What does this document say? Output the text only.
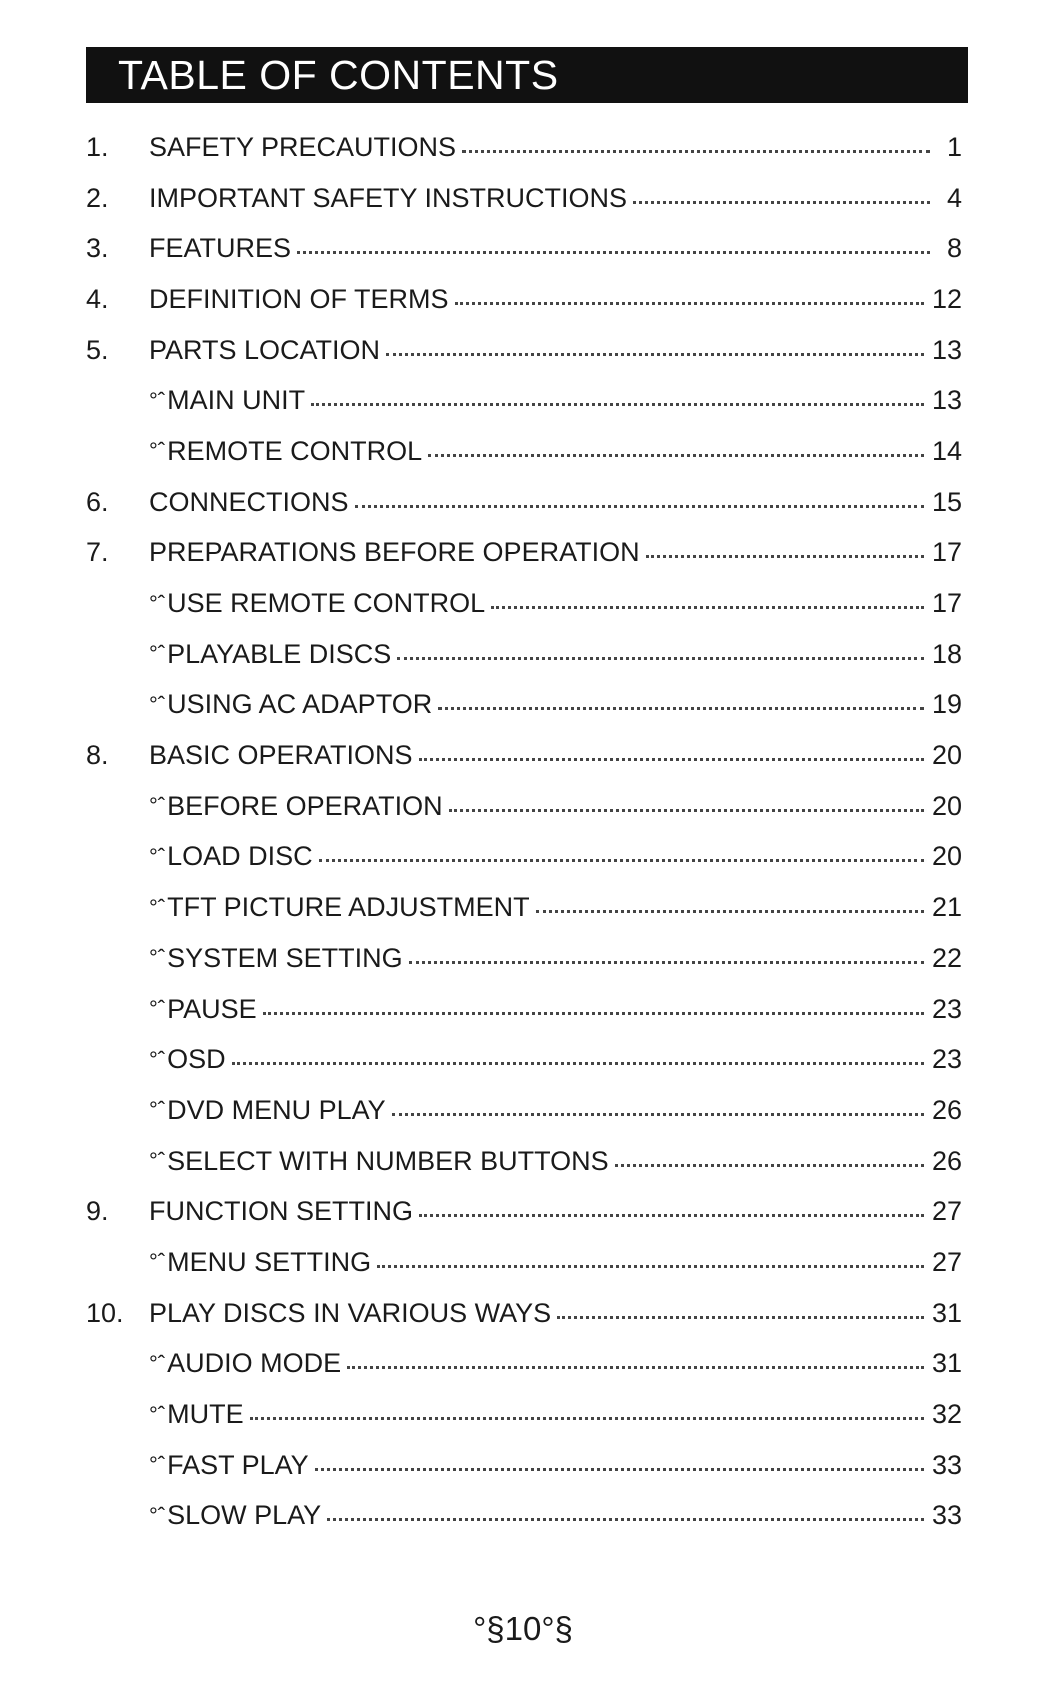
TABLE OF CONTENTS
1.	SAFETY PRECAUTIONS	1
2.	IMPORTANT SAFETY INSTRUCTIONS	4
3.	FEATURES	8
4.	DEFINITION OF TERMS	12
5.	PARTS LOCATION	13
°ˆ MAIN UNIT	13
°ˆ REMOTE CONTROL	14
6.	CONNECTIONS	15
7.	PREPARATIONS BEFORE OPERATION	17
°ˆ USE REMOTE CONTROL	17
°ˆ PLAYABLE DISCS	18
°ˆ USING AC ADAPTOR	19
8.	BASIC OPERATIONS	20
°ˆ BEFORE OPERATION	20
°ˆ LOAD DISC	20
°ˆ TFT PICTURE ADJUSTMENT	21
°ˆ SYSTEM SETTING	22
°ˆ PAUSE	23
°ˆ OSD	23
°ˆ DVD MENU PLAY	26
°ˆ SELECT WITH NUMBER BUTTONS	26
9.	FUNCTION SETTING	27
°ˆ MENU SETTING	27
10. PLAY DISCS IN VARIOUS WAYS	31
°ˆ AUDIO MODE	31
°ˆ MUTE	32
°ˆ FAST PLAY	33
°ˆ SLOW PLAY	33
°§10°§
